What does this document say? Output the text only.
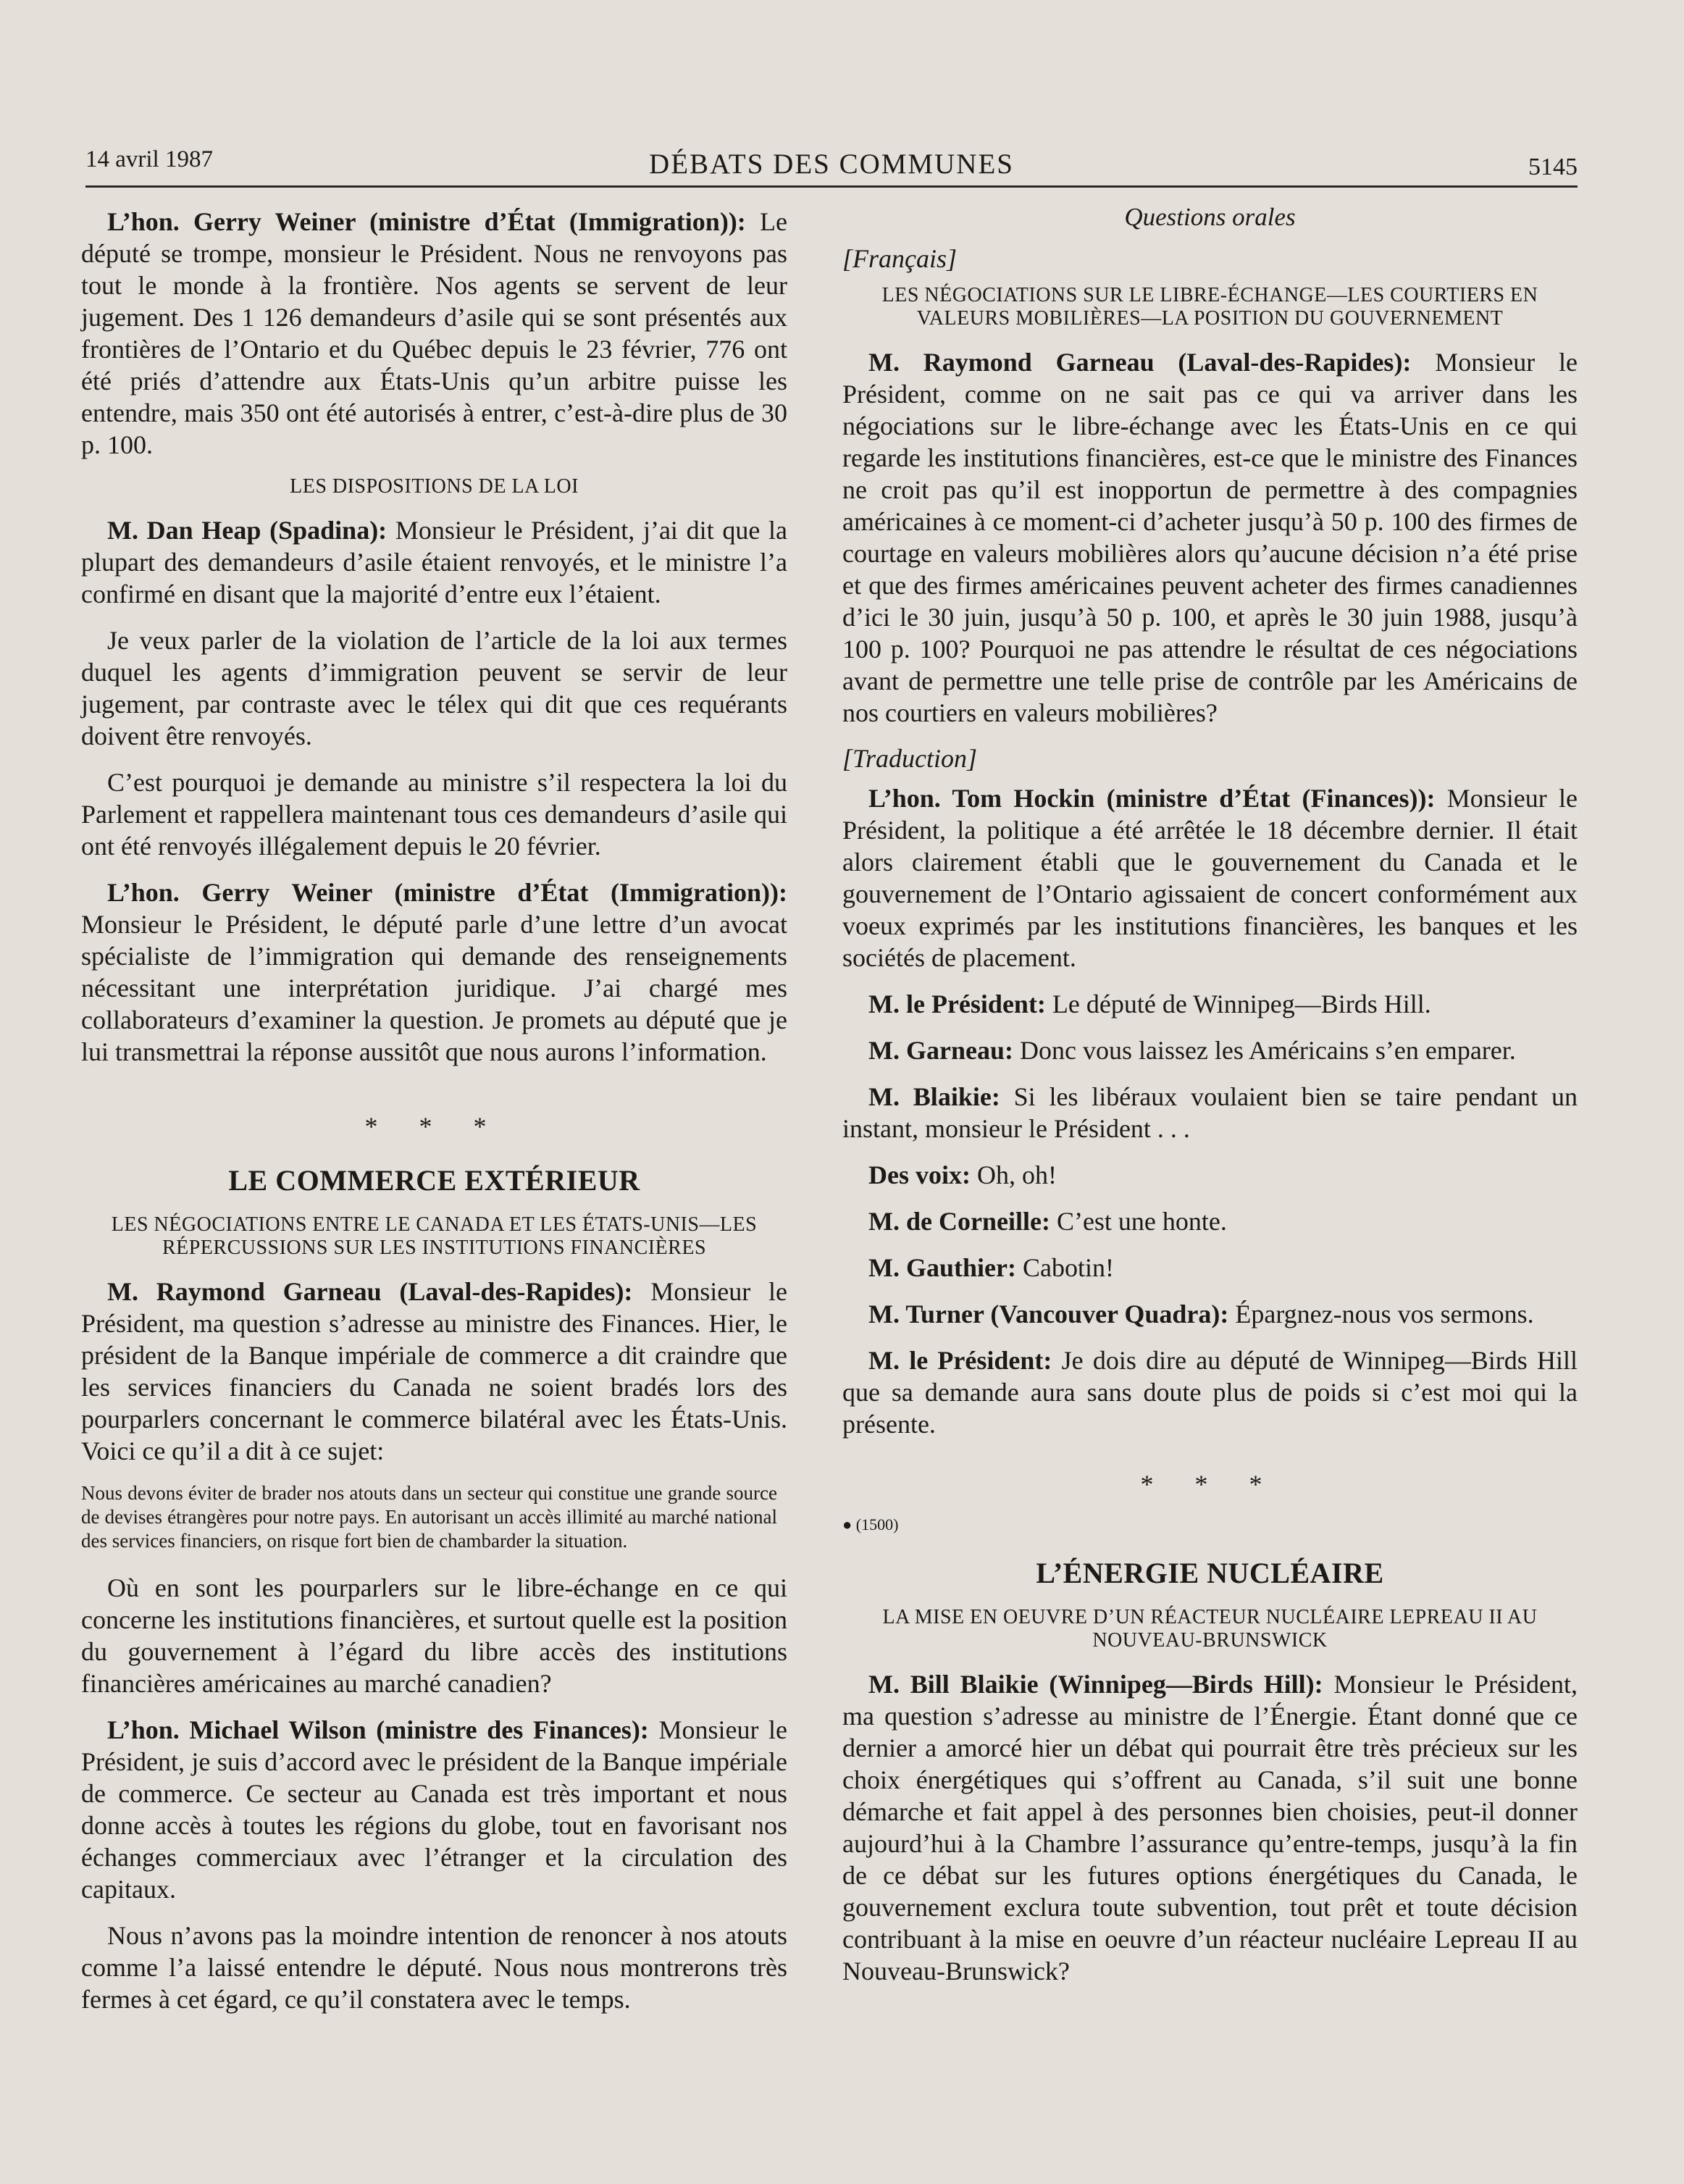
14 avril 1987	DÉBATS DES COMMUNES	5145

L’hon. Gerry Weiner (ministre d’État (Immigration)): Le député se trompe, monsieur le Président. Nous ne renvoyons pas tout le monde à la frontière. Nos agents se servent de leur jugement. Des 1 126 demandeurs d’asile qui se sont présentés aux frontières de l’Ontario et du Québec depuis le 23 février, 776 ont été priés d’attendre aux États-Unis qu’un arbitre puisse les entendre, mais 350 ont été autorisés à entrer, c’est-à-dire plus de 30 p. 100.

LES DISPOSITIONS DE LA LOI

M. Dan Heap (Spadina): Monsieur le Président, j’ai dit que la plupart des demandeurs d’asile étaient renvoyés, et le ministre l’a confirmé en disant que la majorité d’entre eux l’étaient.

Je veux parler de la violation de l’article de la loi aux termes duquel les agents d’immigration peuvent se servir de leur jugement, par contraste avec le télex qui dit que ces requérants doivent être renvoyés.

C’est pourquoi je demande au ministre s’il respectera la loi du Parlement et rappellera maintenant tous ces demandeurs d’asile qui ont été renvoyés illégalement depuis le 20 février.

L’hon. Gerry Weiner (ministre d’État (Immigration)): Monsieur le Président, le député parle d’une lettre d’un avocat spécialiste de l’immigration qui demande des renseignements nécessitant une interprétation juridique. J’ai chargé mes collaborateurs d’examiner la question. Je promets au député que je lui transmettrai la réponse aussitôt que nous aurons l’information.

* * *
LE COMMERCE EXTÉRIEUR
LES NÉGOCIATIONS ENTRE LE CANADA ET LES ÉTATS-UNIS—LES RÉPERCUSSIONS SUR LES INSTITUTIONS FINANCIÈRES

M. Raymond Garneau (Laval-des-Rapides): Monsieur le Président, ma question s’adresse au ministre des Finances. Hier, le président de la Banque impériale de commerce a dit craindre que les services financiers du Canada ne soient bradés lors des pourparlers concernant le commerce bilatéral avec les États-Unis. Voici ce qu’il a dit à ce sujet:

Nous devons éviter de brader nos atouts dans un secteur qui constitue une grande source de devises étrangères pour notre pays. En autorisant un accès illimité au marché national des services financiers, on risque fort bien de chambarder la situation.

Où en sont les pourparlers sur le libre-échange en ce qui concerne les institutions financières, et surtout quelle est la position du gouvernement à l’égard du libre accès des institutions financières américaines au marché canadien?

L’hon. Michael Wilson (ministre des Finances): Monsieur le Président, je suis d’accord avec le président de la Banque impériale de commerce. Ce secteur au Canada est très important et nous donne accès à toutes les régions du globe, tout en favorisant nos échanges commerciaux avec l’étranger et la circulation des capitaux.

Nous n’avons pas la moindre intention de renoncer à nos atouts comme l’a laissé entendre le député. Nous nous montrerons très fermes à cet égard, ce qu’il constatera avec le temps.

Questions orales
[Français]
LES NÉGOCIATIONS SUR LE LIBRE-ÉCHANGE—LES COURTIERS EN VALEURS MOBILIÈRES—LA POSITION DU GOUVERNEMENT

M. Raymond Garneau (Laval-des-Rapides): Monsieur le Président, comme on ne sait pas ce qui va arriver dans les négociations sur le libre-échange avec les États-Unis en ce qui regarde les institutions financières, est-ce que le ministre des Finances ne croit pas qu’il est inopportun de permettre à des compagnies américaines à ce moment-ci d’acheter jusqu’à 50 p. 100 des firmes de courtage en valeurs mobilières alors qu’aucune décision n’a été prise et que des firmes américaines peuvent acheter des firmes canadiennes d’ici le 30 juin, jusqu’à 50 p. 100, et après le 30 juin 1988, jusqu’à 100 p. 100? Pourquoi ne pas attendre le résultat de ces négociations avant de permettre une telle prise de contrôle par les Américains de nos courtiers en valeurs mobilières?

[Traduction]

L’hon. Tom Hockin (ministre d’État (Finances)): Monsieur le Président, la politique a été arrêtée le 18 décembre dernier. Il était alors clairement établi que le gouvernement du Canada et le gouvernement de l’Ontario agissaient de concert conformément aux voeux exprimés par les institutions financières, les banques et les sociétés de placement.

M. le Président: Le député de Winnipeg—Birds Hill.

M. Garneau: Donc vous laissez les Américains s’en emparer.

M. Blaikie: Si les libéraux voulaient bien se taire pendant un instant, monsieur le Président . . .

Des voix: Oh, oh!

M. de Corneille: C’est une honte.

M. Gauthier: Cabotin!

M. Turner (Vancouver Quadra): Épargnez-nous vos sermons.

M. le Président: Je dois dire au député de Winnipeg—Birds Hill que sa demande aura sans doute plus de poids si c’est moi qui la présente.

* * *
● (1500)
L’ÉNERGIE NUCLÉAIRE
LA MISE EN OEUVRE D’UN RÉACTEUR NUCLÉAIRE LEPREAU II AU NOUVEAU-BRUNSWICK

M. Bill Blaikie (Winnipeg—Birds Hill): Monsieur le Président, ma question s’adresse au ministre de l’Énergie. Étant donné que ce dernier a amorcé hier un débat qui pourrait être très précieux sur les choix énergétiques qui s’offrent au Canada, s’il suit une bonne démarche et fait appel à des personnes bien choisies, peut-il donner aujourd’hui à la Chambre l’assurance qu’entre-temps, jusqu’à la fin de ce débat sur les futures options énergétiques du Canada, le gouvernement exclura toute subvention, tout prêt et toute décision contribuant à la mise en oeuvre d’un réacteur nucléaire Lepreau II au Nouveau-Brunswick?
